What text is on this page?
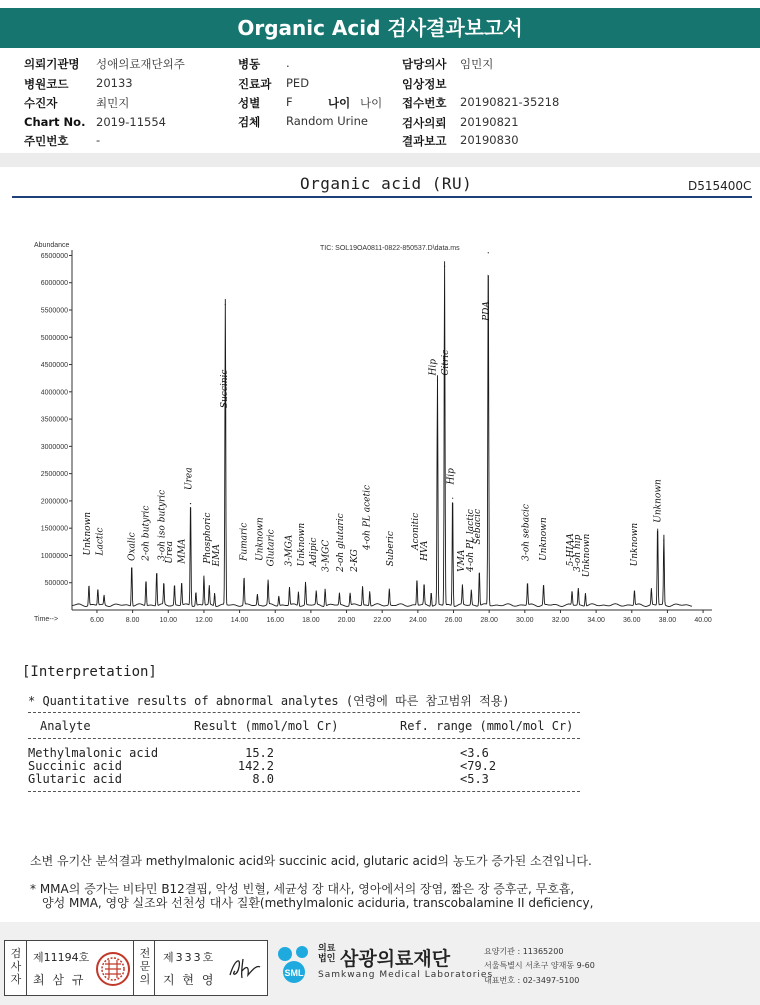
Organic Acid 검사결과보고서
의뢰기관명 성애의료재단외주
병원코드 20133
수진자	최민지
Chart No. 2019-11554
주민번호 -
병동 .
진료과 PED
성별 F	나이 나이
검체 Random Urine
담당의사 임민지
임상정보
접수번호 20190821-35218
검사의뢰 20190821
결과보고 20190830
Organic acid (RU)	D515400C
Abundance
Time-->
TIC: SOL19OA0811-0822-850537.D\data.ms
500000
1000000
1500000
2000000
2500000
3000000
3500000
4000000
4500000
5000000
5500000
6000000
6500000
6.00	8.00	10.00	12.00	14.00	16.00	18.00	20.00	22.00	24.00	26.00	28.00	30.00	32.00	34.00	36.00	38.00	40.00
Unknown Lactic Oxalic 2-oh butyric 3-oh iso butyric
Urea MMA
Urea
Phosphoric
EMA
Succinic
Fumaric Unknown Glutaric 3-MGA Unknown Adipic 3-MGC 2-oh glutaric 2-KG
4-oh PL acetic Suberic Aconitic
HVA
Hip Citric
Hip
VMA
4-oh PL lactic
Sebacic
PDA
3-oh sebacic Unknown 5-HIAA
3-oh hip
Unknown	Unknown
Unknown
[Interpretation]
* Quantitative results of abnormal analytes (연령에 따른 참고범위 적용)
Analyte	Result (mmol/mol Cr)	Ref. range (mmol/mol Cr)
Methylmalonic acid	15.2	<3.6
Succinic acid	142.2	<79.2
Glutaric acid	8.0	<5.3
소변 유기산 분석결과 methylmalonic acid와 succinic acid, glutaric acid의 농도가 증가된 소견입니다.
* MMA의 증가는 비타민 B12결핍, 악성 빈혈, 세균성 장 대사, 영아에서의 장염, 짧은 장 증후군, 무호흡,
양성 MMA, 영양 실조와 선천성 대사 질환(methylmalonic aciduria, transcobalamine II deficiency,
검사자
제11194호
최 삼 규
전문의
제333호
지 현 영	SML
의료법인 삼광의료재단
Samkwang Medical Laboratories
요양기관 : 11365200
서울특별시 서초구 양재동 9-60
대표번호 : 02-3497-5100
